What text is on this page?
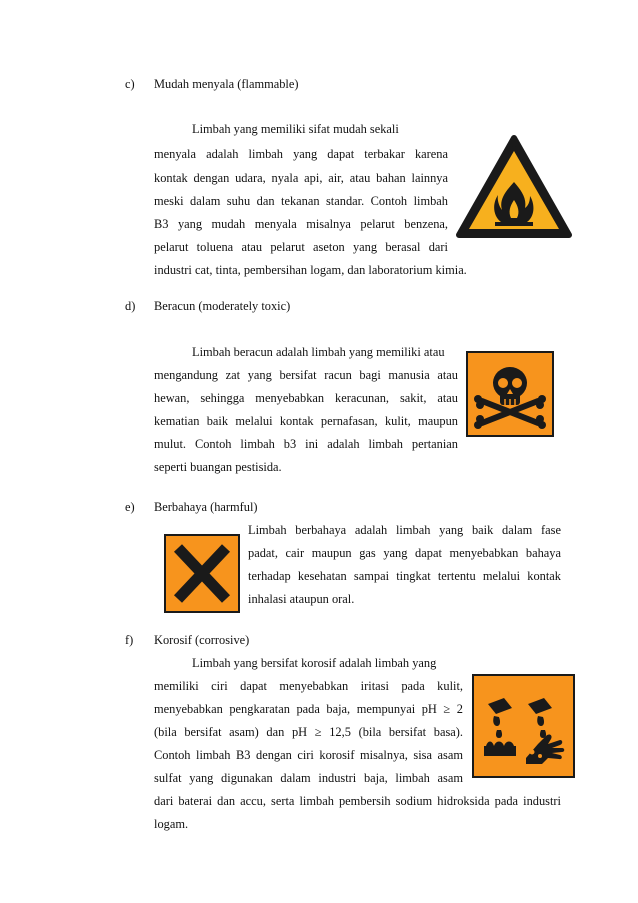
c) Mudah menyala (flammable)
Limbah yang memiliki sifat mudah sekali
menyala adalah limbah yang dapat terbakar karena
kontak dengan udara, nyala api, air, atau bahan lainnya
meski dalam suhu dan tekanan standar. Contoh limbah
B3 yang mudah menyala misalnya pelarut benzena,
pelarut toluena atau pelarut aseton yang berasal dari
industri cat, tinta, pembersihan logam, dan laboratorium kimia.
d) Beracun (moderately toxic)
Limbah beracun adalah limbah yang memiliki atau
mengandung zat yang bersifat racun bagi manusia atau
hewan, sehingga menyebabkan keracunan, sakit, atau
kematian baik melalui kontak pernafasan, kulit, maupun
mulut. Contoh limbah b3 ini adalah limbah pertanian
seperti buangan pestisida.
e) Berbahaya (harmful)
Limbah berbahaya adalah limbah yang baik dalam fase
padat, cair maupun gas yang dapat menyebabkan bahaya
terhadap kesehatan sampai tingkat tertentu melalui kontak
inhalasi ataupun oral.
f) Korosif (corrosive)
Limbah yang bersifat korosif adalah limbah yang
memiliki ciri dapat menyebabkan iritasi pada kulit,
menyebabkan pengkaratan pada baja, mempunyai pH ≥ 2
(bila bersifat asam) dan pH ≥ 12,5 (bila bersifat basa).
Contoh limbah B3 dengan ciri korosif misalnya, sisa asam
sulfat yang digunakan dalam industri baja, limbah asam
dari baterai dan accu, serta limbah pembersih sodium hidroksida pada industri
logam.
